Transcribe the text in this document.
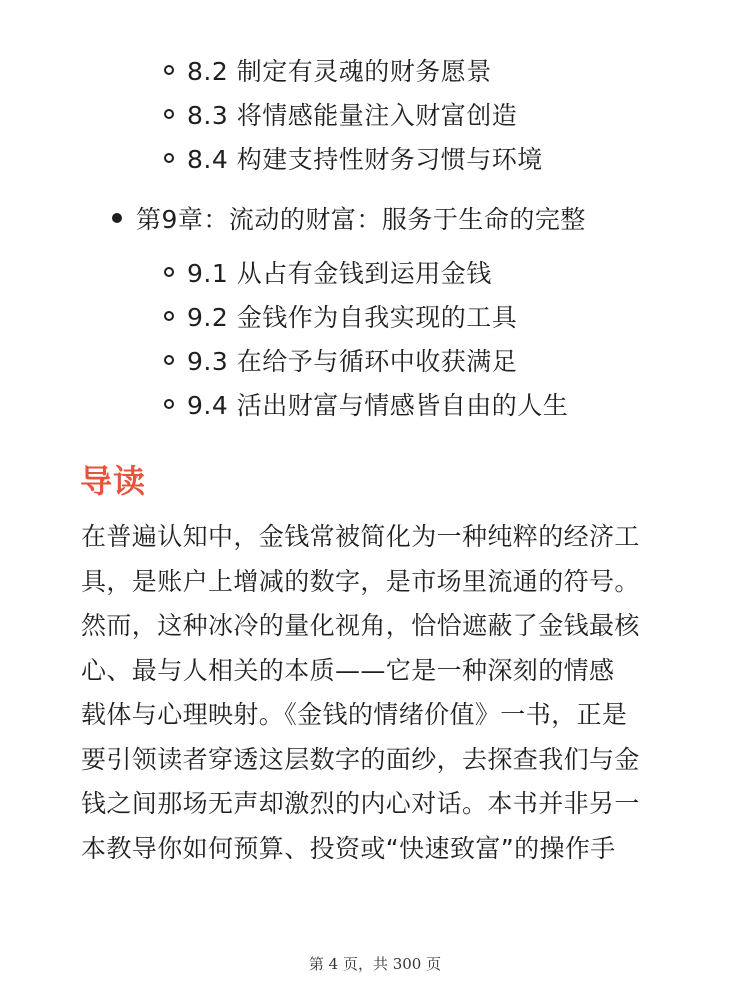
8.2 制定有灵魂的财务愿景
8.3 将情感能量注入财富创造
8.4 构建支持性财务习惯与环境
第9章：流动的财富：服务于生命的完整
9.1 从占有金钱到运用金钱
9.2 金钱作为自我实现的工具
9.3 在给予与循环中收获满足
9.4 活出财富与情感皆自由的人生
导读
在普遍认知中，金钱常被简化为一种纯粹的经济工
具，是账户上增减的数字，是市场里流通的符号。
然而，这种冰冷的量化视角，恰恰遮蔽了金钱最核
心、最与人相关的本质——它是一种深刻的情感
载体与心理映射。《金钱的情绪价值》一书，正是
要引领读者穿透这层数字的面纱，去探查我们与金
钱之间那场无声却激烈的内心对话。本书并非另一
本教导你如何预算、投资或“快速致富”的操作手
第 4 页，共 300 页
